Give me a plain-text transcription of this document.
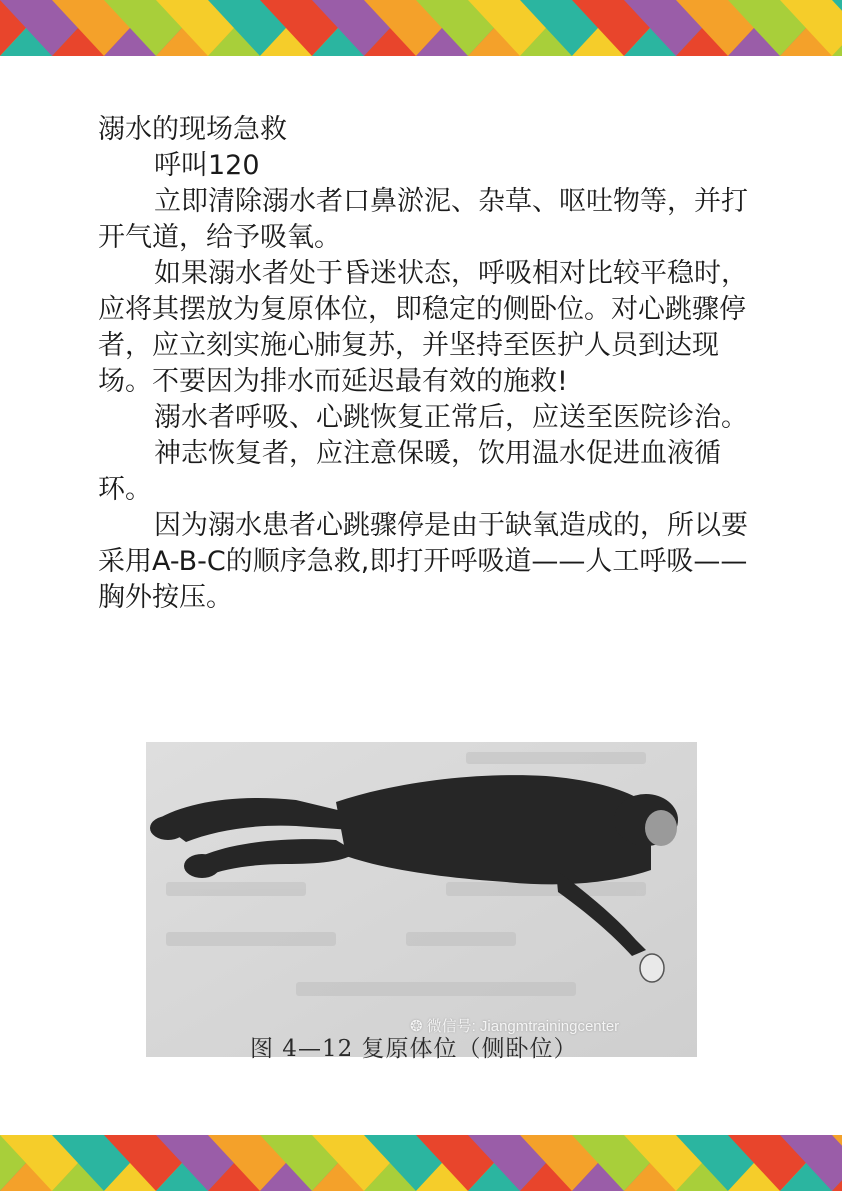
溺水的现场急救

呼叫120

立即清除溺水者口鼻淤泥、杂草、呕吐物等，并打开气道，给予吸氧。

如果溺水者处于昏迷状态，呼吸相对比较平稳时，应将其摆放为复原体位，即稳定的侧卧位。对心跳骤停者，应立刻实施心肺复苏，并坚持至医护人员到达现场。不要因为排水而延迟最有效的施救!

溺水者呼吸、心跳恢复正常后，应送至医院诊治。

神志恢复者，应注意保暖，饮用温水促进血液循环。

因为溺水患者心跳骤停是由于缺氧造成的，所以要采用A-B-C的顺序急救,即打开呼吸道——人工呼吸——胸外按压。

图 4—12 复原体位（侧卧位）
❂ 微信号: Jiangmtrainingcenter
